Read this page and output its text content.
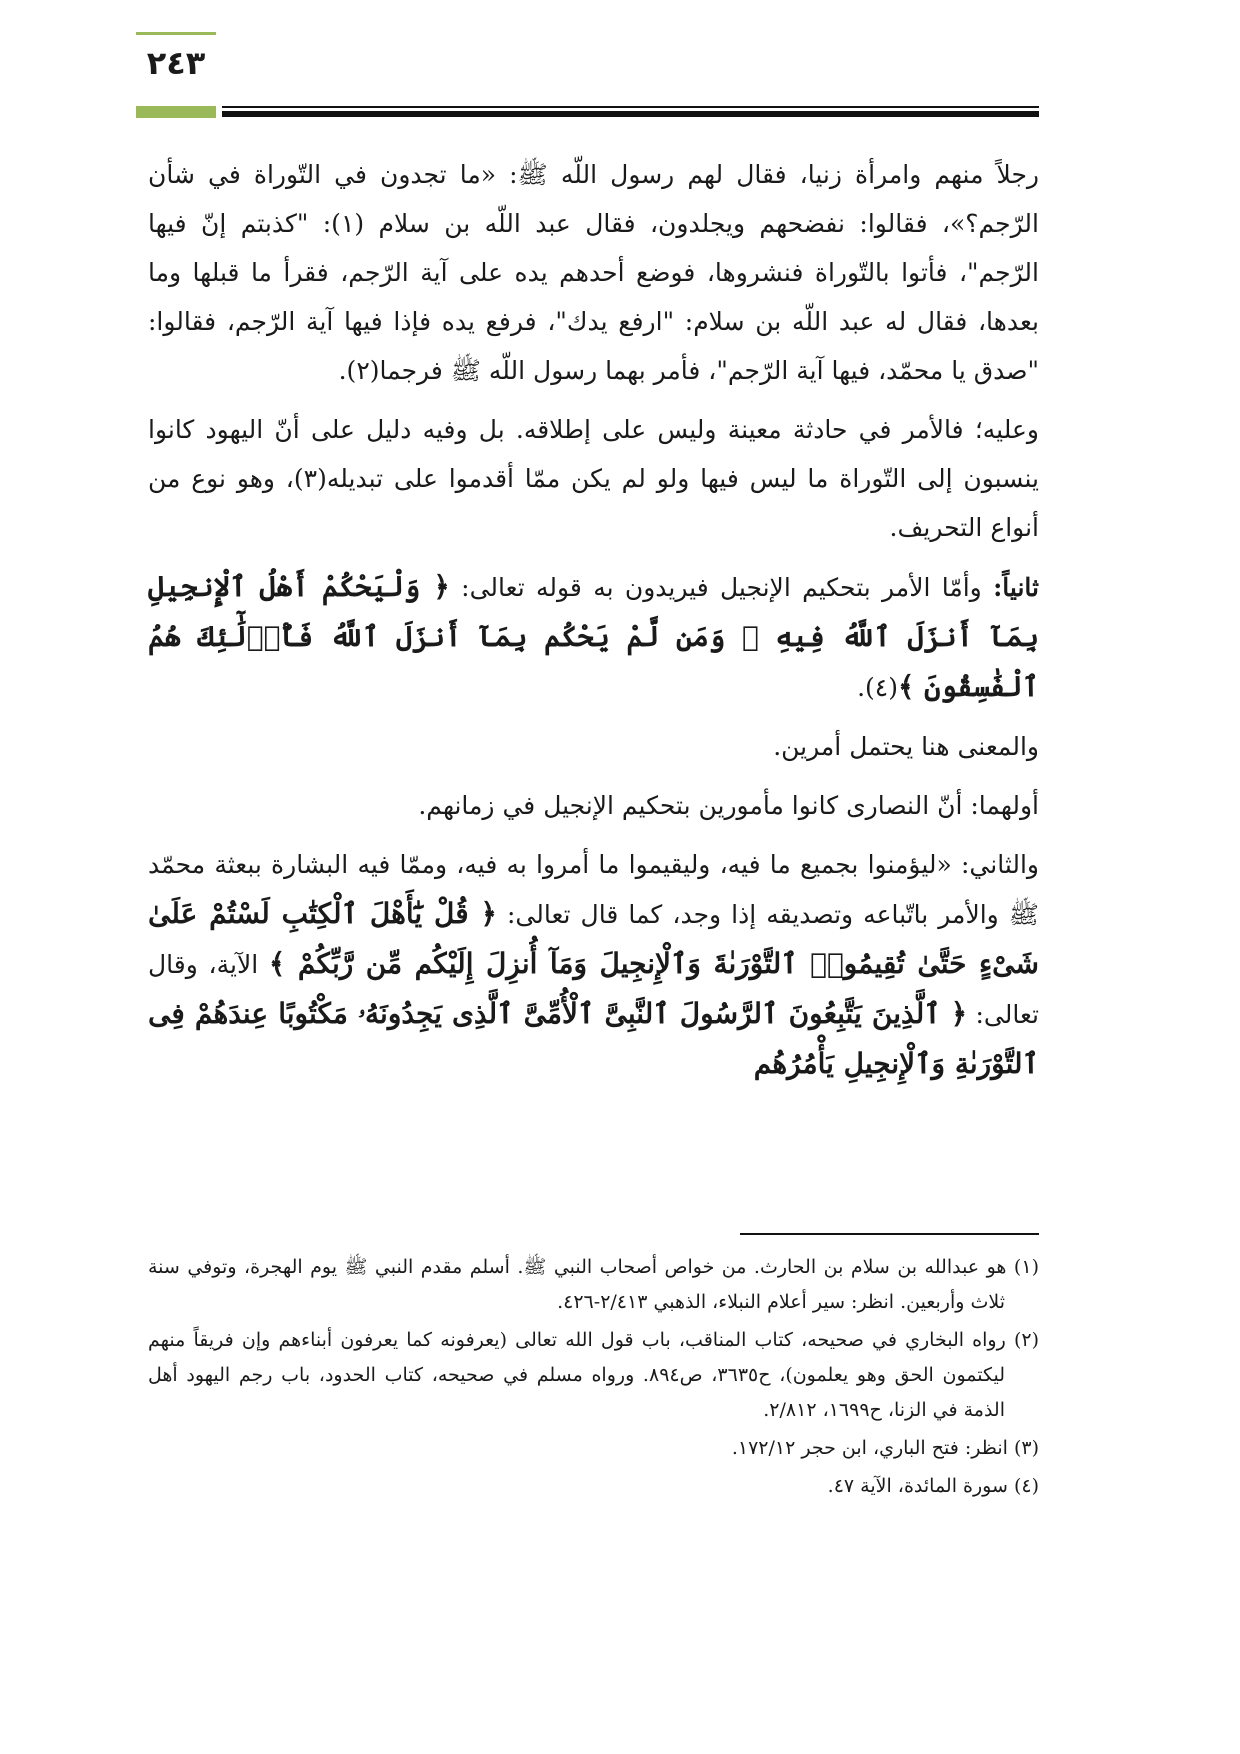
٢٤٣

رجلاً منهم وامرأة زنيا، فقال لهم رسول اللّه ﷺ: «ما تجدون في التّوراة في شأن الرّجم؟»، فقالوا: نفضحهم ويجلدون، فقال عبد اللّه بن سلام (١): "كذبتم إنّ فيها الرّجم"، فأتوا بالتّوراة فنشروها، فوضع أحدهم يده على آية الرّجم، فقرأ ما قبلها وما بعدها، فقال له عبد اللّه بن سلام: "ارفع يدك"، فرفع يده فإذا فيها آية الرّجم، فقالوا: "صدق يا محمّد، فيها آية الرّجم"، فأمر بهما رسول اللّه ﷺ فرجما(٢).

وعليه؛ فالأمر في حادثة معينة وليس على إطلاقه. بل وفيه دليل على أنّ اليهود كانوا ينسبون إلى التّوراة ما ليس فيها ولو لم يكن ممّا أقدموا على تبديله(٣)، وهو نوع من أنواع التحريف.

ثانياً: وأمّا الأمر بتحكيم الإنجيل فيريدون به قوله تعالى: ﴿ وَلْيَحْكُمْ أَهْلُ ٱلْإِنجِيلِ بِمَآ أَنزَلَ ٱللَّهُ فِيهِ ۚ وَمَن لَّمْ يَحْكُم بِمَآ أَنزَلَ ٱللَّهُ فَأُو۟لَٰٓئِكَ هُمُ ٱلْفَٰسِقُونَ ﴾(٤).

والمعنى هنا يحتمل أمرين.

أولهما: أنّ النصارى كانوا مأمورين بتحكيم الإنجيل في زمانهم.

والثاني: «ليؤمنوا بجميع ما فيه، وليقيموا ما أمروا به فيه، وممّا فيه البشارة ببعثة محمّد ﷺ والأمر باتّباعه وتصديقه إذا وجد، كما قال تعالى: ﴿ قُلْ يَٰٓأَهْلَ ٱلْكِتَٰبِ لَسْتُمْ عَلَىٰ شَىْءٍ حَتَّىٰ تُقِيمُوا۟ ٱلتَّوْرَىٰةَ وَٱلْإِنجِيلَ وَمَآ أُنزِلَ إِلَيْكُم مِّن رَّبِّكُمْ ﴾ الآية، وقال تعالى: ﴿ ٱلَّذِينَ يَتَّبِعُونَ ٱلرَّسُولَ ٱلنَّبِىَّ ٱلْأُمِّىَّ ٱلَّذِى يَجِدُونَهُۥ مَكْتُوبًا عِندَهُمْ فِى ٱلتَّوْرَىٰةِ وَٱلْإِنجِيلِ يَأْمُرُهُم

(١) هو عبدالله بن سلام بن الحارث. من خواص أصحاب النبي ﷺ. أسلم مقدم النبي ﷺ يوم الهجرة، وتوفي سنة ثلاث وأربعين. انظر: سير أعلام النبلاء، الذهبي ٢/٤١٣-٤٢٦.

(٢) رواه البخاري في صحيحه، كتاب المناقب، باب قول الله تعالى (يعرفونه كما يعرفون أبناءهم وإن فريقاً منهم ليكتمون الحق وهو يعلمون)، ح٣٦٣٥، ص٨٩٤. ورواه مسلم في صحيحه، كتاب الحدود، باب رجم اليهود أهل الذمة في الزنا، ح١٦٩٩، ٢/٨١٢.

(٣) انظر: فتح الباري، ابن حجر ١٧٢/١٢.

(٤) سورة المائدة، الآية ٤٧.
